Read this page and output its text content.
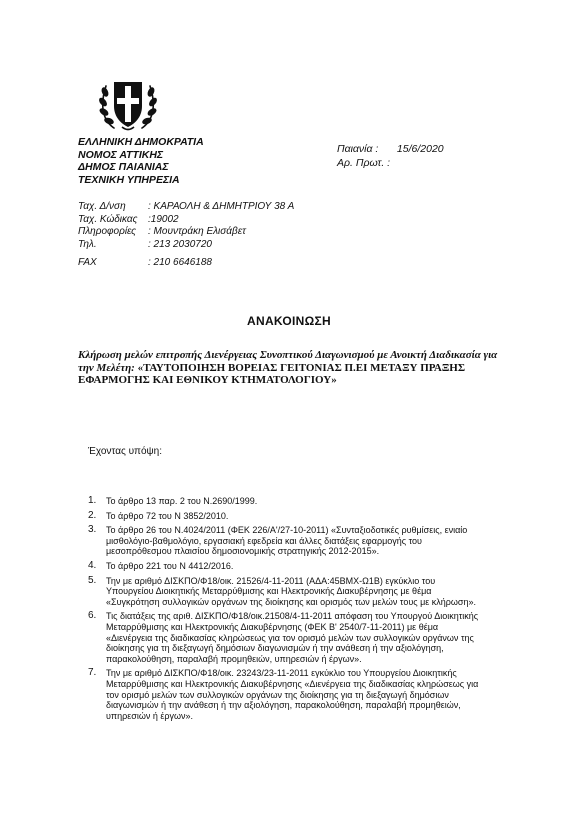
ΕΛΛΗΝΙΚΗ ΔΗΜΟΚΡΑΤΙΑ
ΝΟΜΟΣ ΑΤΤΙΚΗΣ
ΔΗΜΟΣ ΠΑΙΑΝΙΑΣ
ΤΕΧΝΙΚΗ ΥΠΗΡΕΣΙΑ
Παιανία : 15/6/2020
Αρ. Πρωτ. :
Ταχ. Δ/νση : ΚΑΡΑΟΛΗ & ΔΗΜΗΤΡΙΟΥ 38 Α
Ταχ. Κώδικας :19002
Πληροφορίες : Μουντράκη Ελισάβετ
Τηλ.	: 213 2030720
FAX	: 210 6646188
ΑΝΑΚΟΙΝΩΣΗ
Κλήρωση μελών επιτροπής Διενέργειας Συνοπτικού Διαγωνισμού με Ανοικτή Διαδικασία για την Μελέτη: «ΤΑΥΤΟΠΟΙΗΣΗ ΒΟΡΕΙΑΣ ΓΕΙΤΟΝΙΑΣ Π.ΕΙ ΜΕΤΑΞΥ ΠΡΑΞΗΣ ΕΦΑΡΜΟΓΗΣ ΚΑΙ ΕΘΝΙΚΟΥ ΚΤΗΜΑΤΟΛΟΓΙΟΥ»
Έχοντας υπόψη:
1. Το άρθρο 13 παρ. 2 του Ν.2690/1999.
2. Το άρθρο 72 του Ν 3852/2010.
3. Το άρθρο 26 του Ν.4024/2011 (ΦΕΚ 226/Α'/27-10-2011) «Συνταξιοδοτικές ρυθμίσεις, ενιαίο μισθολόγιο-βαθμολόγιο, εργασιακή εφεδρεία και άλλες διατάξεις εφαρμογής του μεσοπρόθεσμου πλαισίου δημοσιονομικής στρατηγικής 2012-2015».
4. Το άρθρο 221 του Ν 4412/2016.
5. Την με αριθμό ΔΙΣΚΠΟ/Φ18/οικ. 21526/4-11-2011 (ΑΔΑ:45ΒΜΧ-Ω1Β) εγκύκλιο του Υπουργείου Διοικητικής Μεταρρύθμισης και Ηλεκτρονικής Διακυβέρνησης με θέμα «Συγκρότηση συλλογικών οργάνων της διοίκησης και ορισμός των μελών τους με κλήρωση».
6. Τις διατάξεις της αριθ. ΔΙΣΚΠΟ/Φ18/οικ.21508/4-11-2011 απόφαση του Υπουργού Διοικητικής Μεταρρύθμισης και Ηλεκτρονικής Διακυβέρνησης (ΦΕΚ Β' 2540/7-11-2011) με θέμα «Διενέργεια της διαδικασίας κληρώσεως για τον ορισμό μελών των συλλογικών οργάνων της διοίκησης για τη διεξαγωγή δημόσιων διαγωνισμών ή την ανάθεση ή την αξιολόγηση, παρακολούθηση, παραλαβή προμηθειών, υπηρεσιών ή έργων».
7. Την με αριθμό ΔΙΣΚΠΟ/Φ18/οικ. 23243/23-11-2011 εγκύκλιο του Υπουργείου Διοικητικής Μεταρρύθμισης και Ηλεκτρονικής Διακυβέρνησης «Διενέργεια της διαδικασίας κληρώσεως για τον ορισμό μελών των συλλογικών οργάνων της διοίκησης για τη διεξαγωγή δημόσιων διαγωνισμών ή την ανάθεση ή την αξιολόγηση, παρακολούθηση, παραλαβή προμηθειών, υπηρεσιών ή έργων».
